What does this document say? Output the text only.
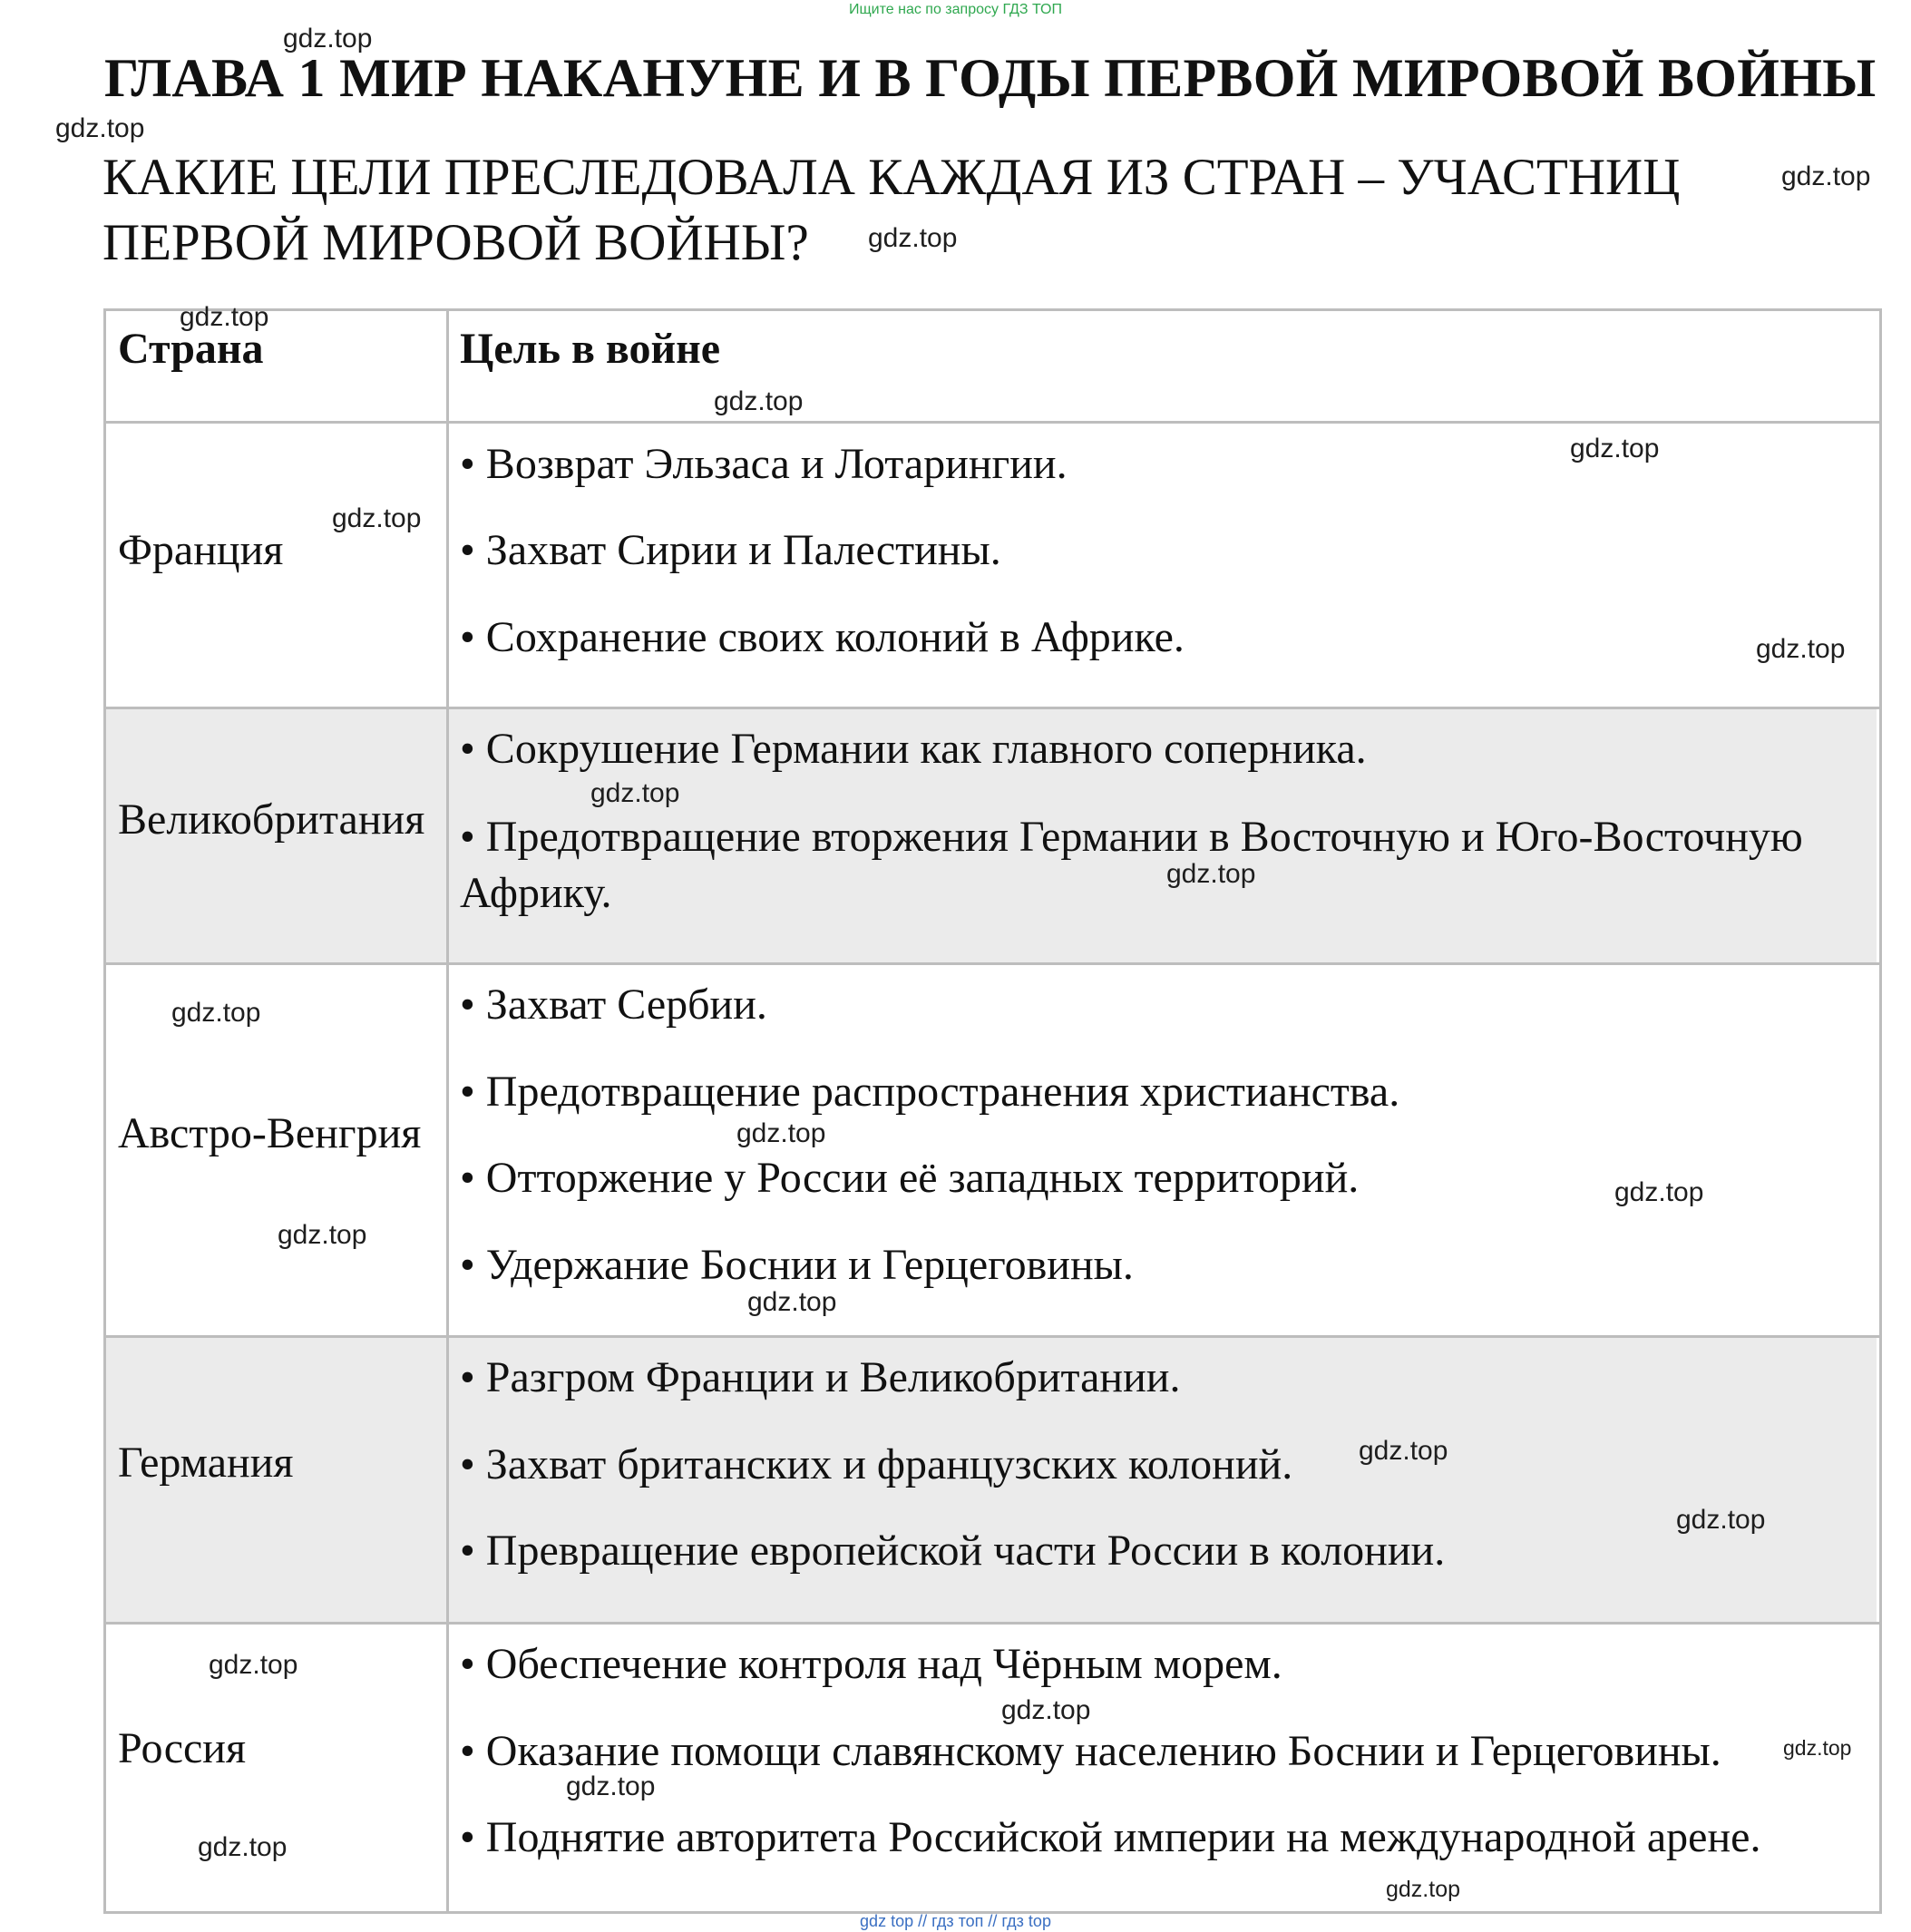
Ищите нас по запросу ГДЗ ТОП
ГЛАВА 1 МИР НАКАНУНЕ И В ГОДЫ ПЕРВОЙ МИРОВОЙ ВОЙНЫ
КАКИЕ ЦЕЛИ ПРЕСЛЕДОВАЛА КАЖДАЯ ИЗ СТРАН – УЧАСТНИЦ
ПЕРВОЙ МИРОВОЙ ВОЙНЫ?
Страна	Цель в войне
Франция
• Возврат Эльзаса и Лотарингии.
• Захват Сирии и Палестины.
• Сохранение своих колоний в Африке.
Великобритания
• Сокрушение Германии как главного соперника.
• Предотвращение вторжения Германии в Восточную и Юго-Восточную Африку.
Австро-Венгрия
• Захват Сербии.
• Предотвращение распространения христианства.
• Отторжение у России её западных территорий.
• Удержание Боснии и Герцеговины.
Германия
• Разгром Франции и Великобритании.
• Захват британских и французских колоний.
• Превращение европейской части России в колонии.
Россия
• Обеспечение контроля над Чёрным морем.
• Оказание помощи славянскому населению Боснии и Герцеговины.
• Поднятие авторитета Российской империи на международной арене.
gdz.top
gdz.top
gdz.top
gdz.top
gdz.top
gdz.top
gdz.top
gdz.top
gdz.top
gdz.top
gdz.top
gdz.top
gdz.top
gdz.top
gdz.top
gdz.top
gdz.top
gdz.top
gdz.top
gdz.top
gdz.top
gdz.top
gdz.top
gdz.top
gdz top // гдз топ // гдз top
